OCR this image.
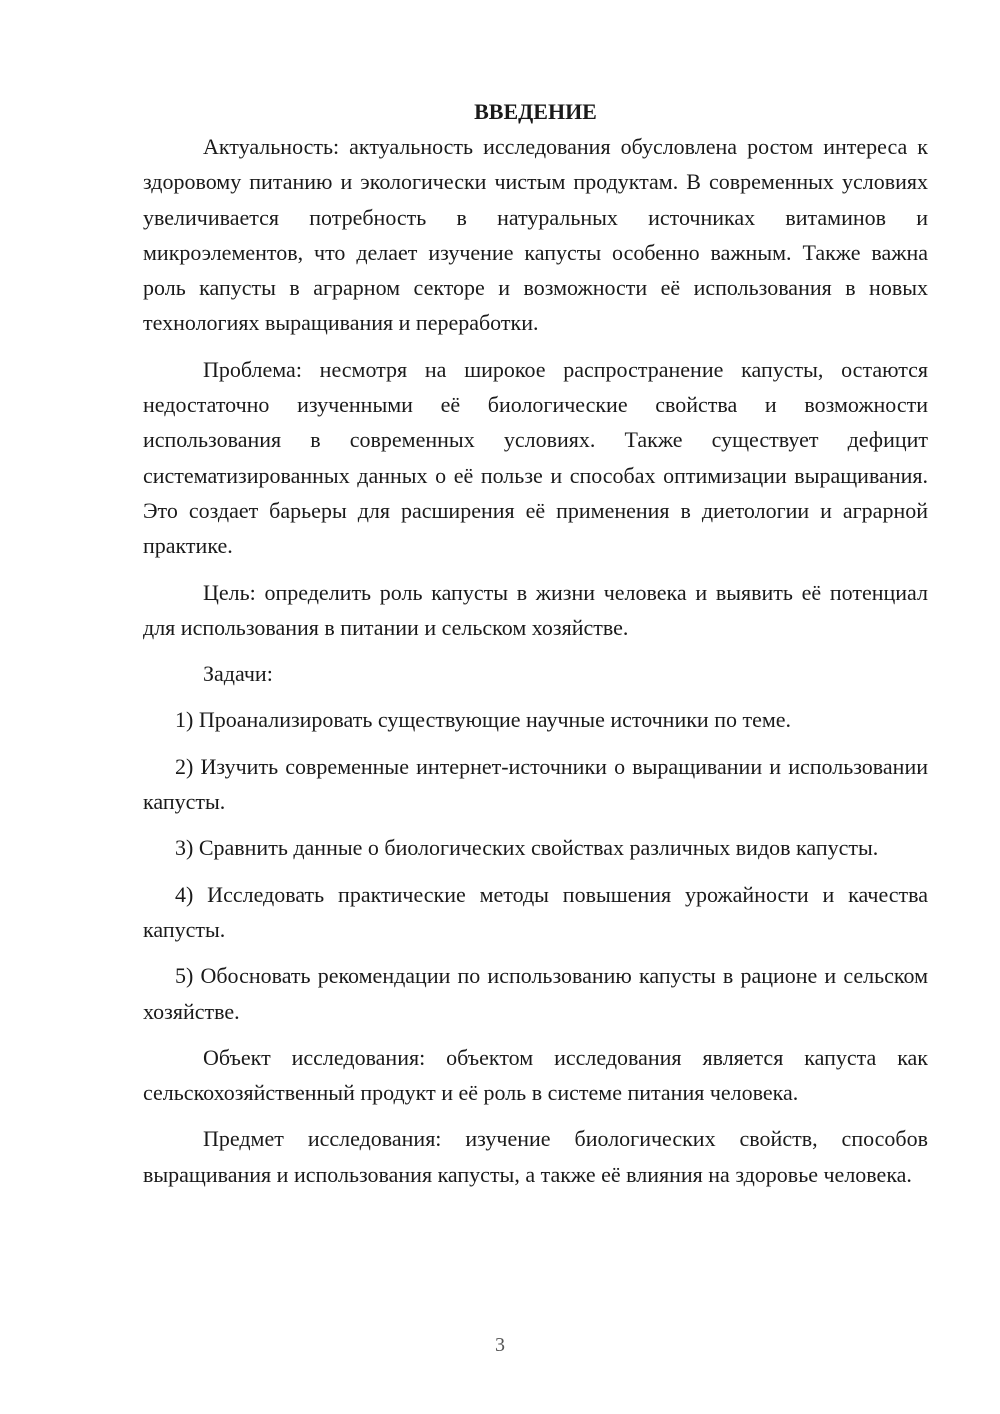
ВВЕДЕНИЕ

Актуальность: актуальность исследования обусловлена ростом интереса к здоровому питанию и экологически чистым продуктам. В современных условиях увеличивается потребность в натуральных источниках витаминов и микроэлементов, что делает изучение капусты особенно важным. Также важна роль капусты в аграрном секторе и возможности её использования в новых технологиях выращивания и переработки.

Проблема: несмотря на широкое распространение капусты, остаются недостаточно изученными её биологические свойства и возможности использования в современных условиях. Также существует дефицит систематизированных данных о её пользе и способах оптимизации выращивания. Это создает барьеры для расширения её применения в диетологии и аграрной практике.

Цель: определить роль капусты в жизни человека и выявить её потенциал для использования в питании и сельском хозяйстве.

Задачи:

1) Проанализировать существующие научные источники по теме.

2) Изучить современные интернет-источники о выращивании и использовании капусты.

3) Сравнить данные о биологических свойствах различных видов капусты.

4) Исследовать практические методы повышения урожайности и качества капусты.

5) Обосновать рекомендации по использованию капусты в рационе и сельском хозяйстве.

Объект исследования: объектом исследования является капуста как сельскохозяйственный продукт и её роль в системе питания человека.

Предмет исследования: изучение биологических свойств, способов выращивания и использования капусты, а также её влияния на здоровье человека.

3
